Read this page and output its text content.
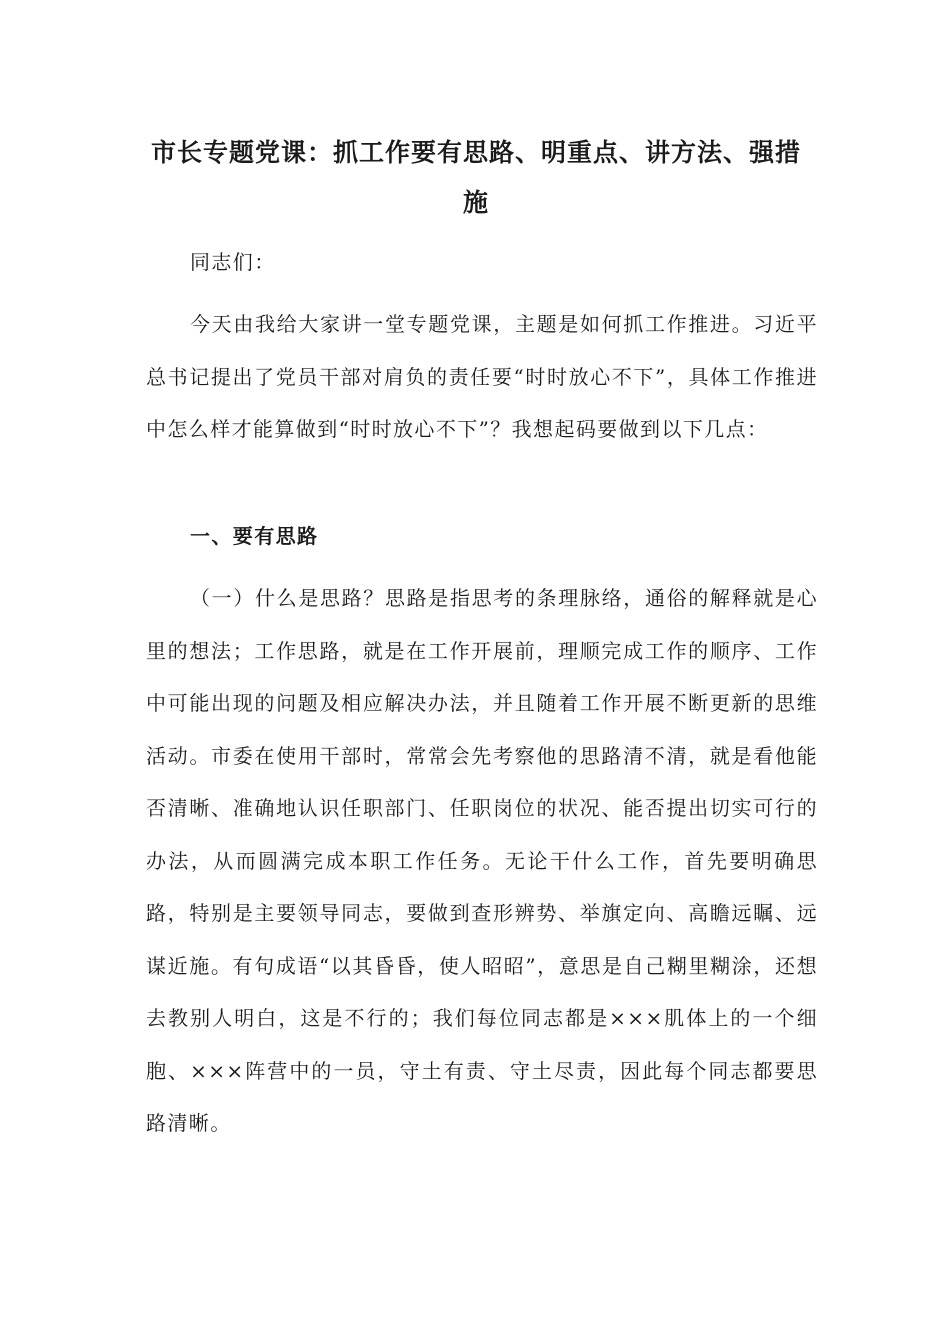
市长专题党课：抓工作要有思路、明重点、讲方法、强措施

同志们：

今天由我给大家讲一堂专题党课，主题是如何抓工作推进。习近平总书记提出了党员干部对肩负的责任要“时时放心不下”，具体工作推进中怎么样才能算做到“时时放心不下”？我想起码要做到以下几点：

一、要有思路

（一）什么是思路？思路是指思考的条理脉络，通俗的解释就是心里的想法；工作思路，就是在工作开展前，理顺完成工作的顺序、工作中可能出现的问题及相应解决办法，并且随着工作开展不断更新的思维活动。市委在使用干部时，常常会先考察他的思路清不清，就是看他能否清晰、准确地认识任职部门、任职岗位的状况、能否提出切实可行的办法，从而圆满完成本职工作任务。无论干什么工作，首先要明确思路，特别是主要领导同志，要做到查形辨势、举旗定向、高瞻远瞩、远谋近施。有句成语“以其昏昏，使人昭昭”，意思是自己糊里糊涂，还想去教别人明白，这是不行的；我们每位同志都是×××肌体上的一个细胞、×××阵营中的一员，守土有责、守土尽责，因此每个同志都要思路清晰。
